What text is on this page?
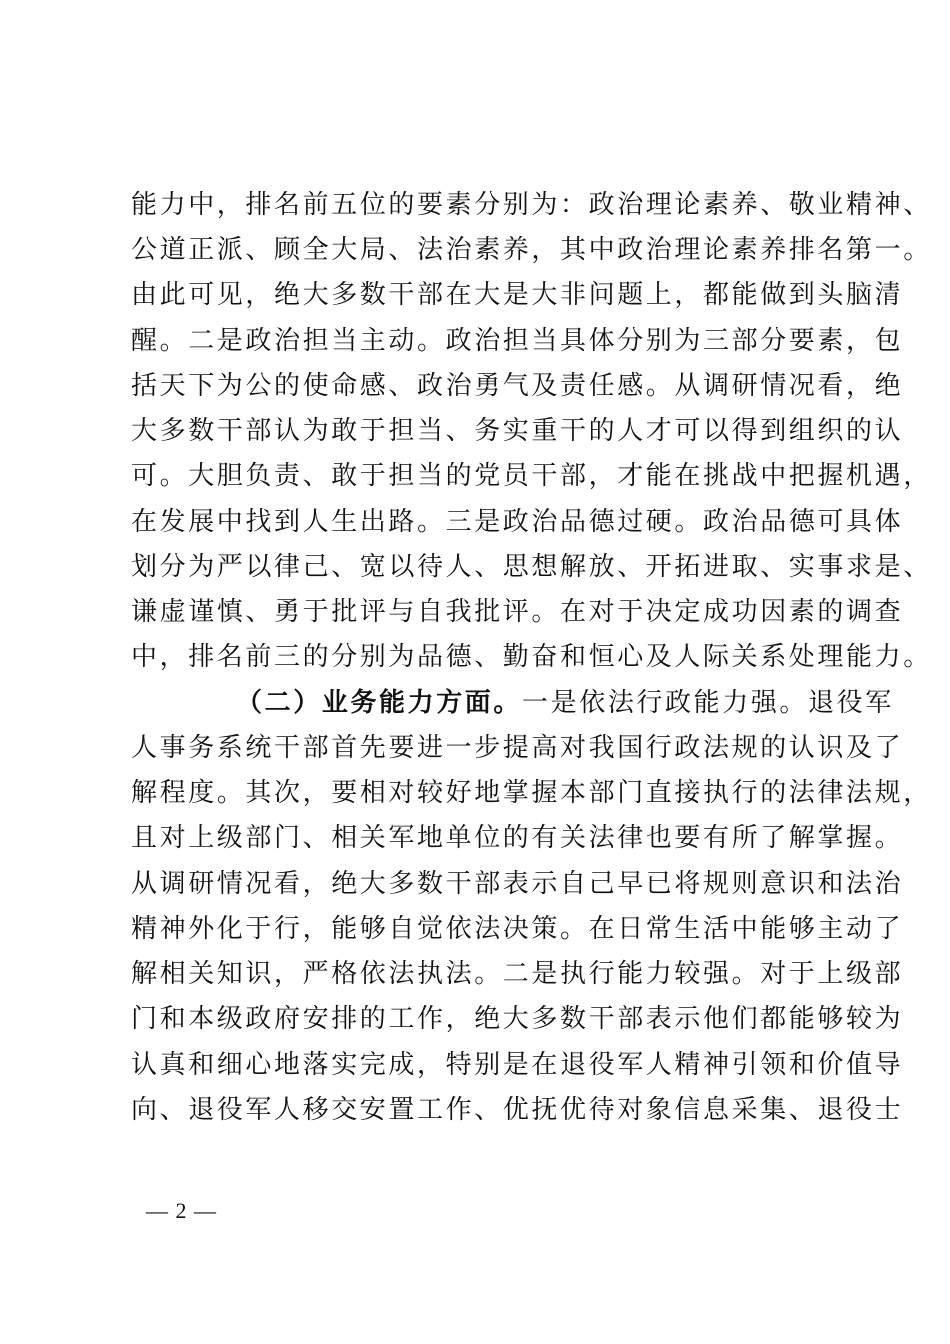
能力中，排名前五位的要素分别为：政治理论素养、敬业精神、
公道正派、顾全大局、法治素养，其中政治理论素养排名第一。
由此可见，绝大多数干部在大是大非问题上，都能做到头脑清
醒。二是政治担当主动。政治担当具体分别为三部分要素，包
括天下为公的使命感、政治勇气及责任感。从调研情况看，绝
大多数干部认为敢于担当、务实重干的人才可以得到组织的认
可。大胆负责、敢于担当的党员干部，才能在挑战中把握机遇，
在发展中找到人生出路。三是政治品德过硬。政治品德可具体
划分为严以律己、宽以待人、思想解放、开拓进取、实事求是、
谦虚谨慎、勇于批评与自我批评。在对于决定成功因素的调查
中，排名前三的分别为品德、勤奋和恒心及人际关系处理能力。
（二）业务能力方面。一是依法行政能力强。退役军
人事务系统干部首先要进一步提高对我国行政法规的认识及了
解程度。其次，要相对较好地掌握本部门直接执行的法律法规，
且对上级部门、相关军地单位的有关法律也要有所了解掌握。
从调研情况看，绝大多数干部表示自己早已将规则意识和法治
精神外化于行，能够自觉依法决策。在日常生活中能够主动了
解相关知识，严格依法执法。二是执行能力较强。对于上级部
门和本级政府安排的工作，绝大多数干部表示他们都能够较为
认真和细心地落实完成，特别是在退役军人精神引领和价值导
向、退役军人移交安置工作、优抚优待对象信息采集、退役士
— 2 —
